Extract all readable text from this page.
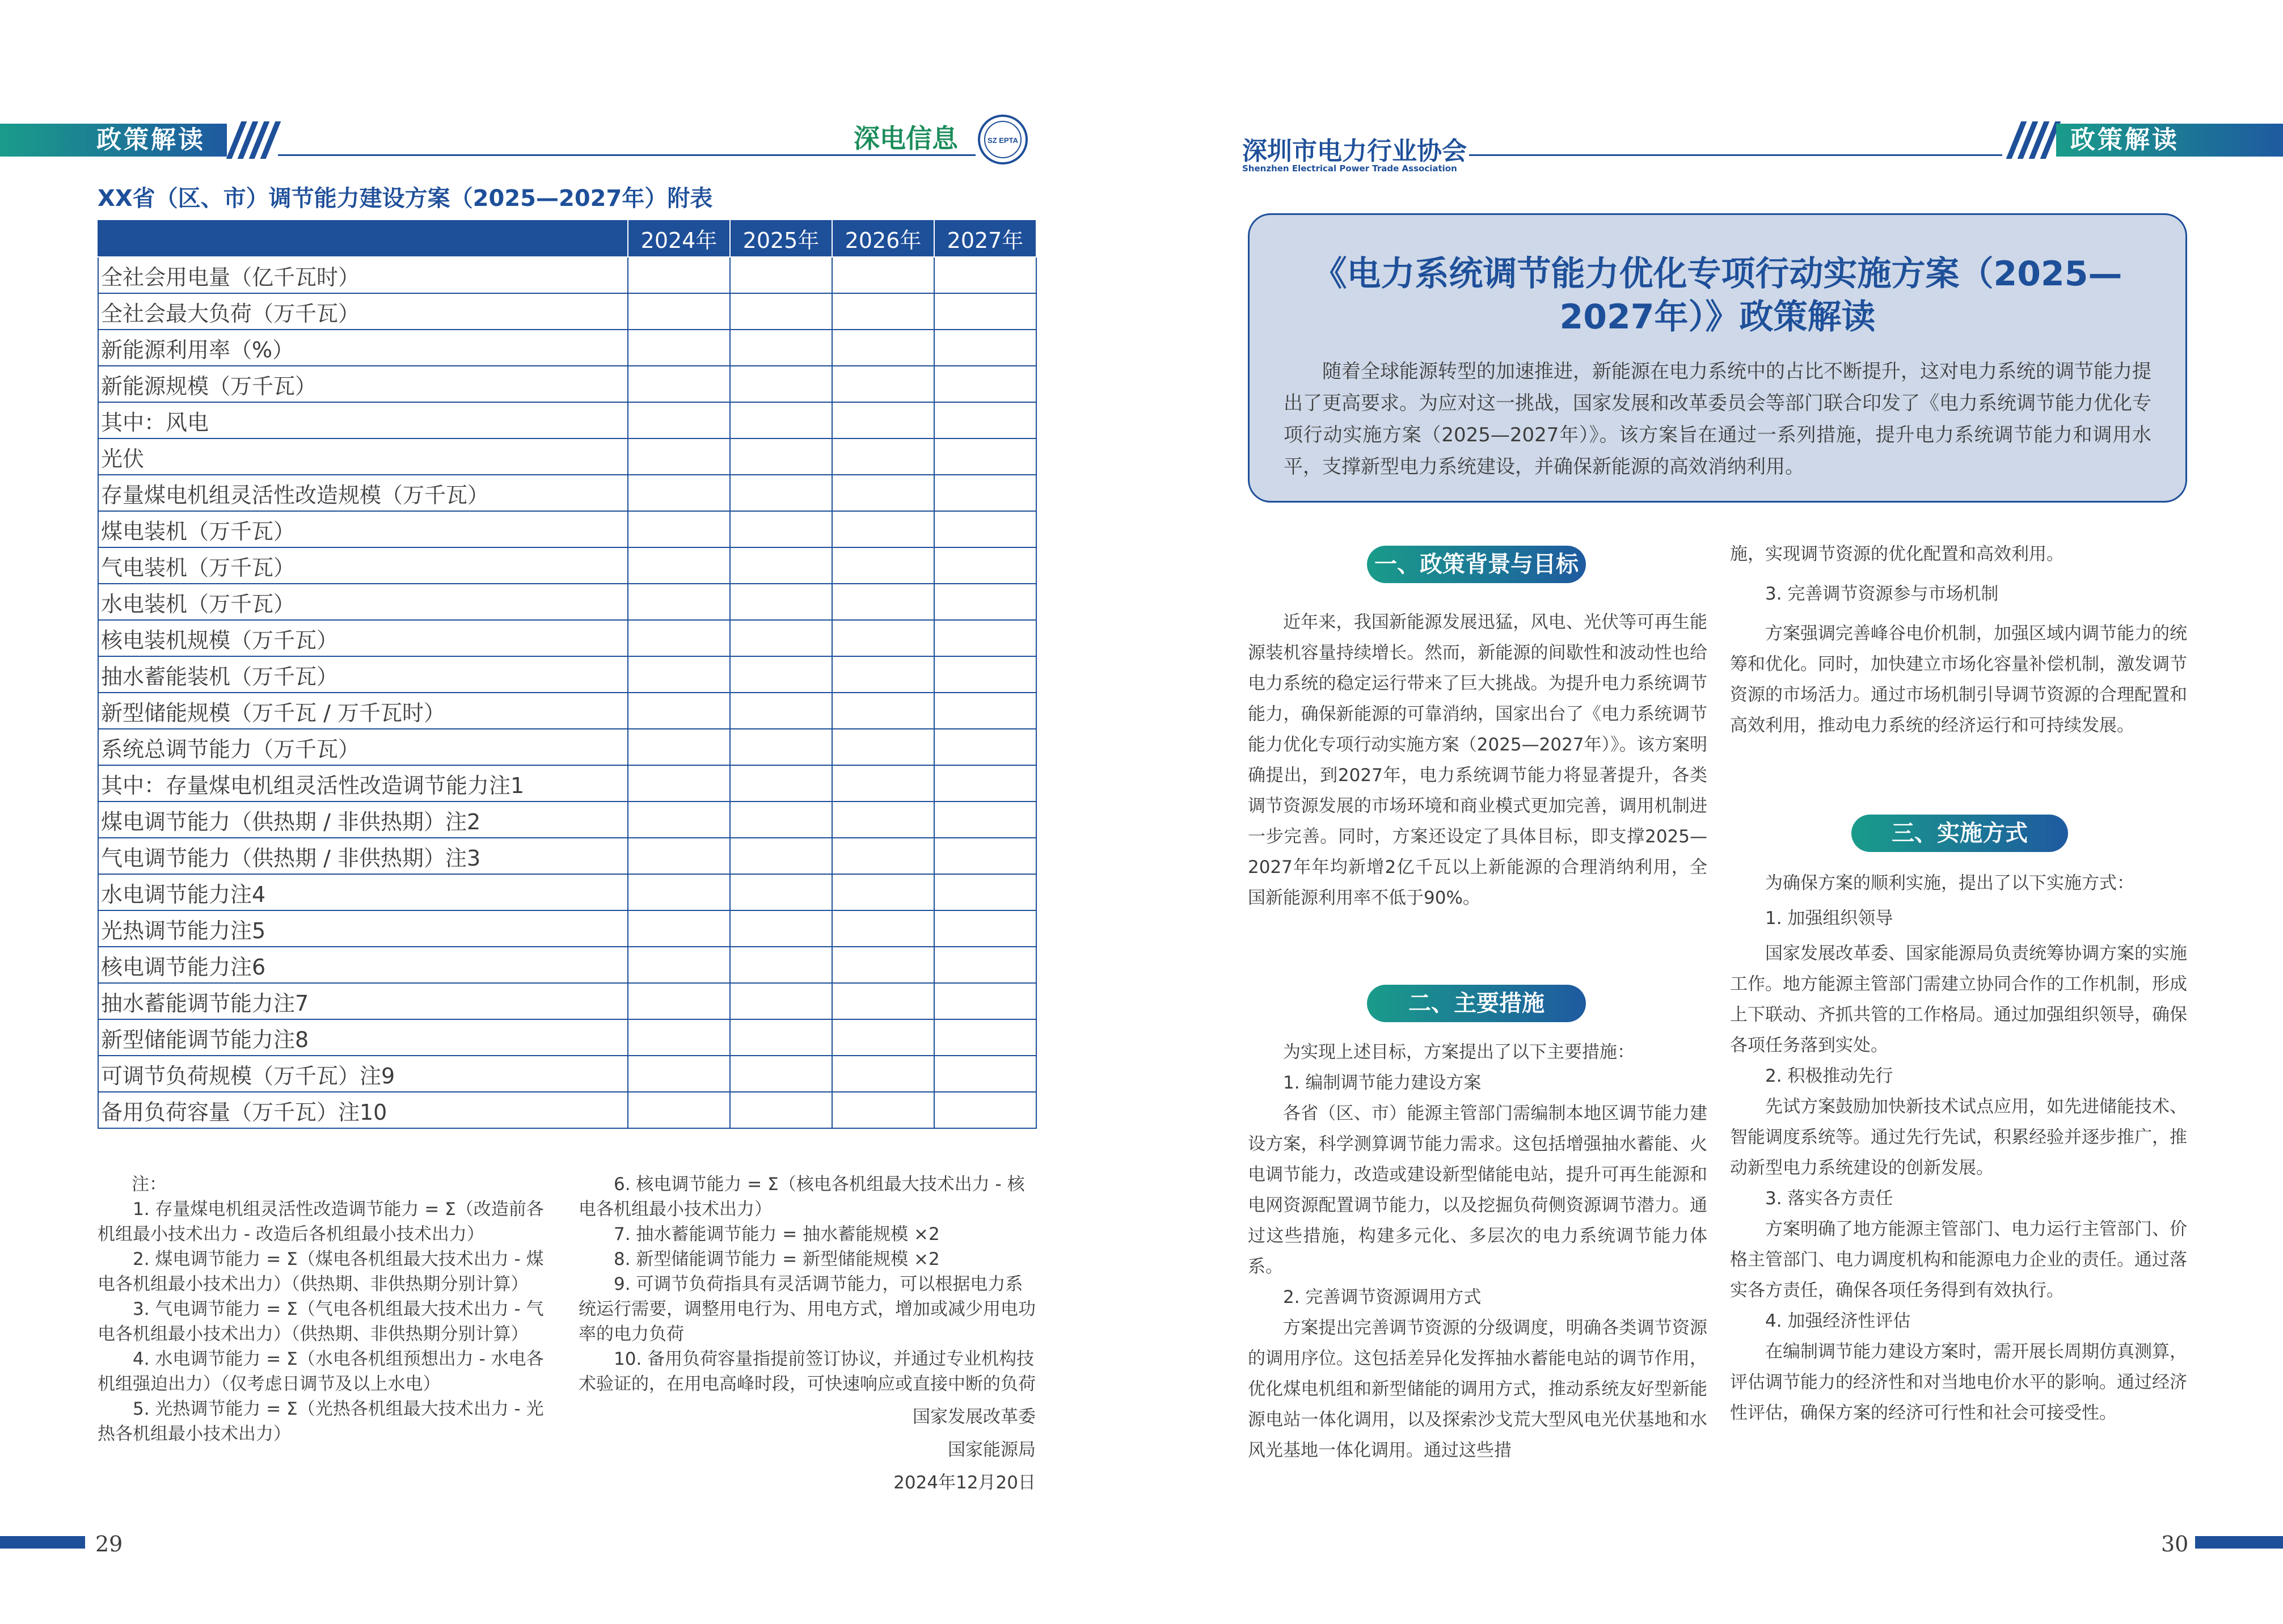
政策解读	深电信息	SZ EPTA
XX省（区、市）调节能力建设方案（2025—2027年）附表
	2024年	2025年	2026年	2027年
全社会用电量（亿千瓦时）				
全社会最大负荷（万千瓦）				
新能源利用率（%）				
新能源规模（万千瓦）				
其中：风电				
光伏				
存量煤电机组灵活性改造规模（万千瓦）				
煤电装机（万千瓦）				
气电装机（万千瓦）				
水电装机（万千瓦）				
核电装机规模（万千瓦）				
抽水蓄能装机（万千瓦）				
新型储能规模（万千瓦 / 万千瓦时）				
系统总调节能力（万千瓦）				
其中：存量煤电机组灵活性改造调节能力注1				
煤电调节能力（供热期 / 非供热期）注2				
气电调节能力（供热期 / 非供热期）注3				
水电调节能力注4				
光热调节能力注5				
核电调节能力注6				
抽水蓄能调节能力注7				
新型储能调节能力注8				
可调节负荷规模（万千瓦）注9				
备用负荷容量（万千瓦）注10				

注：

1. 存量煤电机组灵活性改造调节能力 = Σ（改造前各机组最小技术出力 - 改造后各机组最小技术出力）

2. 煤电调节能力 = Σ（煤电各机组最大技术出力 - 煤电各机组最小技术出力）（供热期、非供热期分别计算）

3. 气电调节能力 = Σ（气电各机组最大技术出力 - 气电各机组最小技术出力）（供热期、非供热期分别计算）

4. 水电调节能力 = Σ（水电各机组预想出力 - 水电各机组强迫出力）（仅考虑日调节及以上水电）

5. 光热调节能力 = Σ（光热各机组最大技术出力 - 光热各机组最小技术出力）

6. 核电调节能力 = Σ（核电各机组最大技术出力 - 核电各机组最小技术出力）

7. 抽水蓄能调节能力 = 抽水蓄能规模 ×2

8. 新型储能调节能力 = 新型储能规模 ×2

9. 可调节负荷指具有灵活调节能力，可以根据电力系统运行需要，调整用电行为、用电方式，增加或减少用电功率的电力负荷

10. 备用负荷容量指提前签订协议，并通过专业机构技术验证的，在用电高峰时段，可快速响应或直接中断的负荷

国家发展改革委

国家能源局

2024年12月20日

29
深圳市电力行业协会
Shenzhen Electrical Power Trade Association
政策解读
《电力系统调节能力优化专项行动实施方案（2025—2027年）》政策解读
随着全球能源转型的加速推进，新能源在电力系统中的占比不断提升，这对电力系统的调节能力提出了更高要求。为应对这一挑战，国家发展和改革委员会等部门联合印发了《电力系统调节能力优化专项行动实施方案（2025—2027年）》。该方案旨在通过一系列措施，提升电力系统调节能力和调用水平，支撑新型电力系统建设，并确保新能源的高效消纳利用。
一、政策背景与目标

近年来，我国新能源发展迅猛，风电、光伏等可再生能源装机容量持续增长。然而，新能源的间歇性和波动性也给电力系统的稳定运行带来了巨大挑战。为提升电力系统调节能力，确保新能源的可靠消纳，国家出台了《电力系统调节能力优化专项行动实施方案（2025—2027年）》。该方案明确提出，到2027年，电力系统调节能力将显著提升，各类调节资源发展的市场环境和商业模式更加完善，调用机制进一步完善。同时，方案还设定了具体目标，即支撑2025—2027年年均新增2亿千瓦以上新能源的合理消纳利用，全国新能源利用率不低于90%。

二、主要措施

为实现上述目标，方案提出了以下主要措施：

1. 编制调节能力建设方案

各省（区、市）能源主管部门需编制本地区调节能力建设方案，科学测算调节能力需求。这包括增强抽水蓄能、火电调节能力，改造或建设新型储能电站，提升可再生能源和电网资源配置调节能力，以及挖掘负荷侧资源调节潜力。通过这些措施，构建多元化、多层次的电力系统调节能力体系。

2. 完善调节资源调用方式

方案提出完善调节资源的分级调度，明确各类调节资源的调用序位。这包括差异化发挥抽水蓄能电站的调节作用，优化煤电机组和新型储能的调用方式，推动系统友好型新能源电站一体化调用，以及探索沙戈荒大型风电光伏基地和水风光基地一体化调用。通过这些措

施，实现调节资源的优化配置和高效利用。

3. 完善调节资源参与市场机制

方案强调完善峰谷电价机制，加强区域内调节能力的统筹和优化。同时，加快建立市场化容量补偿机制，激发调节资源的市场活力。通过市场机制引导调节资源的合理配置和高效利用，推动电力系统的经济运行和可持续发展。

三、实施方式

为确保方案的顺利实施，提出了以下实施方式：

1. 加强组织领导

国家发展改革委、国家能源局负责统筹协调方案的实施工作。地方能源主管部门需建立协同合作的工作机制，形成上下联动、齐抓共管的工作格局。通过加强组织领导，确保各项任务落到实处。

2. 积极推动先行

先试方案鼓励加快新技术试点应用，如先进储能技术、智能调度系统等。通过先行先试，积累经验并逐步推广，推动新型电力系统建设的创新发展。

3. 落实各方责任

方案明确了地方能源主管部门、电力运行主管部门、价格主管部门、电力调度机构和能源电力企业的责任。通过落实各方责任，确保各项任务得到有效执行。

4. 加强经济性评估

在编制调节能力建设方案时，需开展长周期仿真测算，评估调节能力的经济性和对当地电价水平的影响。通过经济性评估，确保方案的经济可行性和社会可接受性。

30
